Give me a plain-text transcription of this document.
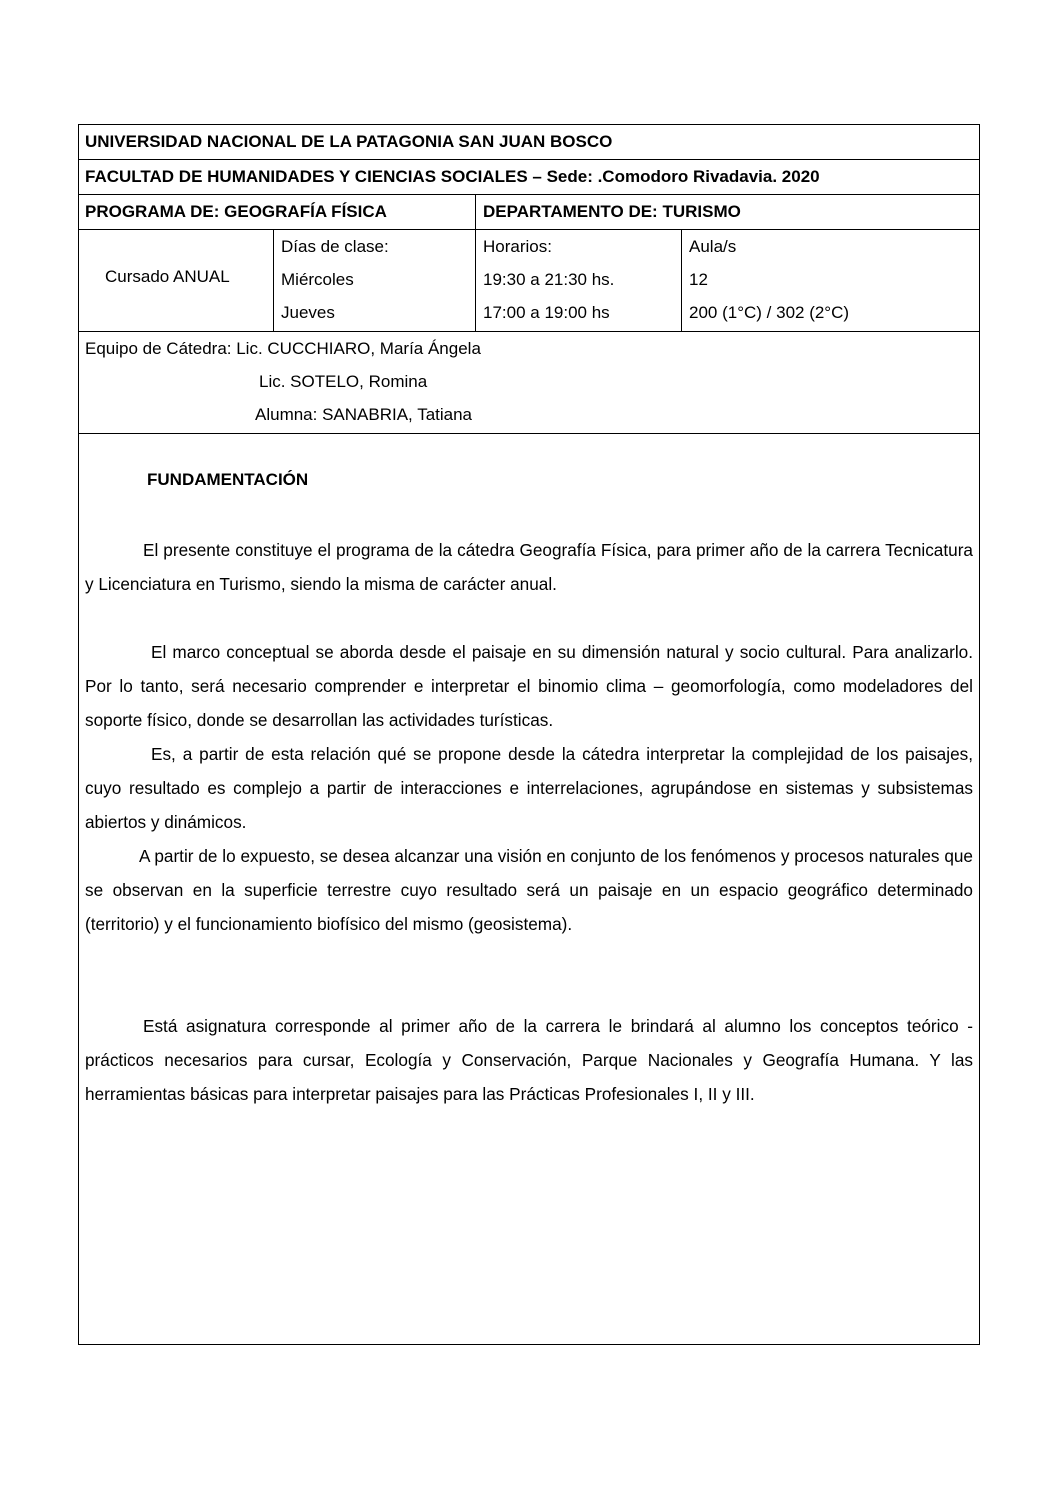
UNIVERSIDAD NACIONAL DE LA PATAGONIA SAN JUAN BOSCO
FACULTAD DE HUMANIDADES Y CIENCIAS SOCIALES – Sede: .Comodoro Rivadavia. 2020
PROGRAMA DE: GEOGRAFÍA FÍSICA	DEPARTAMENTO DE: TURISMO
Cursado ANUAL
Días de clase:
Miércoles
Jueves
Horarios:
19:30 a 21:30 hs.
17:00 a 19:00 hs
Aula/s
12
200 (1°C) / 302 (2°C)
Equipo de Cátedra: Lic. CUCCHIARO, María Ángela
Lic. SOTELO, Romina
Alumna: SANABRIA, Tatiana
FUNDAMENTACIÓN

El presente constituye el programa de la cátedra Geografía Física, para primer año de la carrera Tecnicatura y Licenciatura en Turismo, siendo la misma de carácter anual.

El marco conceptual se aborda desde el paisaje en su dimensión natural y socio cultural. Para analizarlo. Por lo tanto, será necesario comprender e interpretar el binomio clima – geomorfología, como modeladores del soporte físico, donde se desarrollan las actividades turísticas.

Es, a partir de esta relación qué se propone desde la cátedra interpretar la complejidad de los paisajes, cuyo resultado es complejo a partir de interacciones e interrelaciones, agrupándose en sistemas y subsistemas abiertos y dinámicos.

A partir de lo expuesto, se desea alcanzar una visión en conjunto de los fenómenos y procesos naturales que se observan en la superficie terrestre cuyo resultado será un paisaje en un espacio geográfico determinado (territorio) y el funcionamiento biofísico del mismo (geosistema).

Está asignatura corresponde al primer año de la carrera le brindará al alumno los conceptos teórico - prácticos necesarios para cursar, Ecología y Conservación, Parque Nacionales y Geografía Humana. Y las herramientas básicas para interpretar paisajes para las Prácticas Profesionales I, II y III.
